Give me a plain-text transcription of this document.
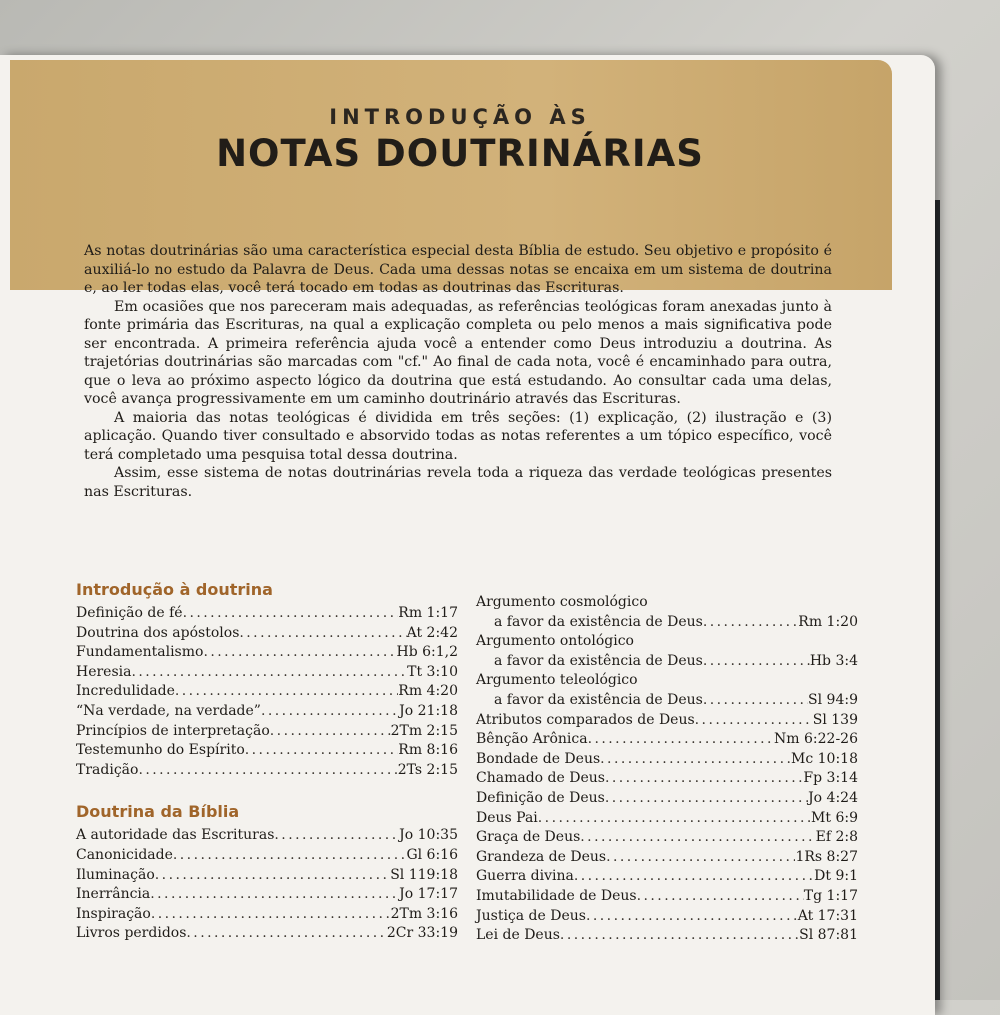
INTRODUÇÃO ÀS
NOTAS DOUTRINÁRIAS

As notas doutrinárias são uma característica especial desta Bíblia de estudo. Seu objetivo e propósito é auxiliá-lo no estudo da Palavra de Deus. Cada uma dessas notas se encaixa em um sistema de doutrina e, ao ler todas elas, você terá tocado em todas as doutrinas das Escrituras.

Em ocasiões que nos pareceram mais adequadas, as referências teológicas foram anexadas junto à fonte primária das Escrituras, na qual a explicação completa ou pelo menos a mais significativa pode ser encontrada. A primeira referência ajuda você a entender como Deus introduziu a doutrina. As trajetórias doutrinárias são marcadas com "cf." Ao final de cada nota, você é encaminhado para outra, que o leva ao próximo aspecto lógico da doutrina que está estudando. Ao consultar cada uma delas, você avança progressivamente em um caminho doutrinário através das Escrituras.

A maioria das notas teológicas é dividida em três seções: (1) explicação, (2) ilustração e (3) aplicação. Quando tiver consultado e absorvido todas as notas referentes a um tópico específico, você terá completado uma pesquisa total dessa doutrina.

Assim, esse sistema de notas doutrinárias revela toda a riqueza das verdade teológicas presentes nas Escrituras.

Introdução à doutrina
Definição de fé . . .	Rm 1:17
Doutrina dos apóstolos . . .	At 2:42
Fundamentalismo . . .	Hb 6:1,2
Heresia . . .	Tt 3:10
Incredulidade . . .	Rm 4:20
“Na verdade, na verdade” . . .	Jo 21:18
Princípios de interpretação . . .	2Tm 2:15
Testemunho do Espírito . . .	Rm 8:16
Tradição . . .	2Ts 2:15
Doutrina da Bíblia
A autoridade das Escrituras . . .	Jo 10:35
Canonicidade . . .	Gl 6:16
Iluminação . . .	Sl 119:18
Inerrância . . .	Jo 17:17
Inspiração . . .	2Tm 3:16
Livros perdidos . . .	2Cr 33:19
Argumento cosmológico
a favor da existência de Deus . . .	Rm 1:20
Argumento ontológico
a favor da existência de Deus . . .	Hb 3:4
Argumento teleológico
a favor da existência de Deus . . .	Sl 94:9
Atributos comparados de Deus . . .	Sl 139
Bênção Arônica . . .	Nm 6:22-26
Bondade de Deus . . .	Mc 10:18
Chamado de Deus . . .	Fp 3:14
Definição de Deus . . .	Jo 4:24
Deus Pai . . .	Mt 6:9
Graça de Deus . . .	Ef 2:8
Grandeza de Deus . . .	1Rs 8:27
Guerra divina . . .	Dt 9:1
Imutabilidade de Deus . . .	Tg 1:17
Justiça de Deus . . .	At 17:31
Lei de Deus . . .	Sl 87:81
